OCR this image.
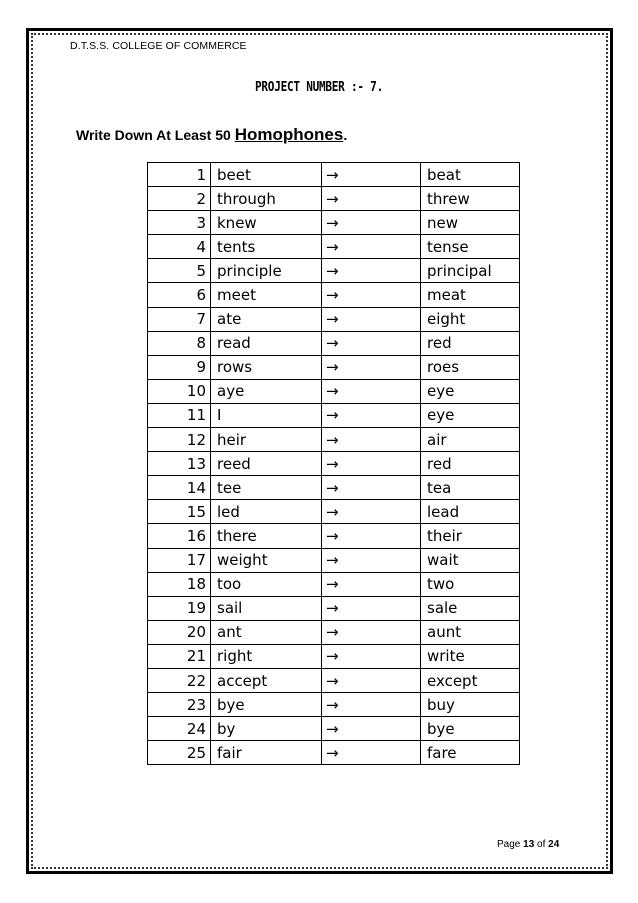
D.T.S.S. COLLEGE OF COMMERCE
PROJECT NUMBER :- 7.
Write Down At Least 50 Homophones.
1	beet	→	beat
2	through	→	threw
3	knew	→	new
4	tents	→	tense
5	principle	→	principal
6	meet	→	meat
7	ate	→	eight
8	read	→	red
9	rows	→	roes
10	aye	→	eye
11	I	→	eye
12	heir	→	air
13	reed	→	red
14	tee	→	tea
15	led	→	lead
16	there	→	their
17	weight	→	wait
18	too	→	two
19	sail	→	sale
20	ant	→	aunt
21	right	→	write
22	accept	→	except
23	bye	→	buy
24	by	→	bye
25	fair	→	fare
Page 13 of 24
